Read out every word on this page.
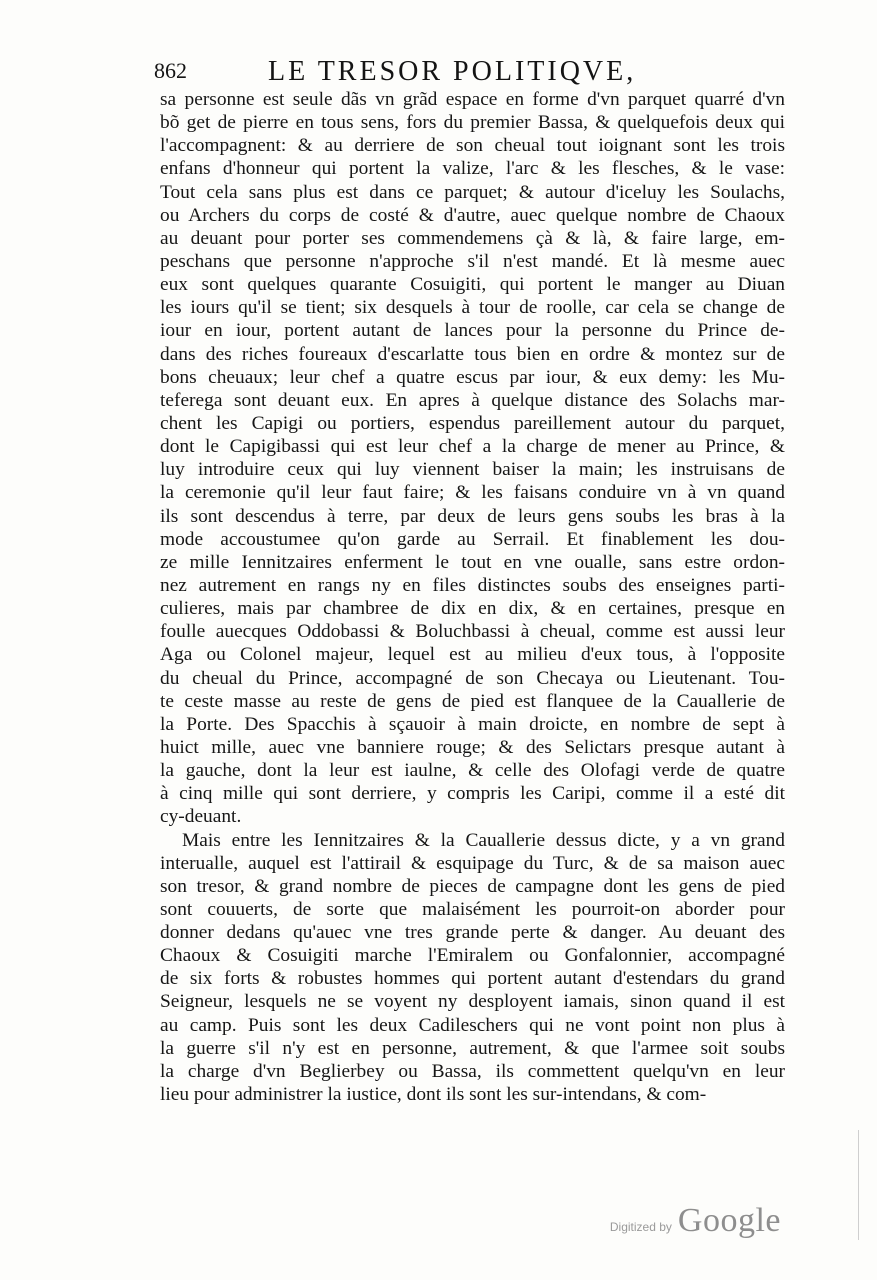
862	LE TRESOR POLITIQVE,
sa personne est seule dãs vn grãd espace en forme d'vn parquet quarré d'vn
bõ get de pierre en tous sens, fors du premier Bassa, & quelquefois deux qui
l'accompagnent: & au derriere de son cheual tout ioignant sont les trois
enfans d'honneur qui portent la valize, l'arc & les flesches, & le vase:
Tout cela sans plus est dans ce parquet; & autour d'iceluy les Soulachs,
ou Archers du corps de costé & d'autre, auec quelque nombre de Chaoux
au deuant pour porter ses commendemens çà & là, & faire large, em-
peschans que personne n'approche s'il n'est mandé. Et là mesme auec
eux sont quelques quarante Cosuigiti, qui portent le manger au Diuan
les iours qu'il se tient; six desquels à tour de roolle, car cela se change de
iour en iour, portent autant de lances pour la personne du Prince de-
dans des riches foureaux d'escarlatte tous bien en ordre & montez sur de
bons cheuaux; leur chef a quatre escus par iour, & eux demy: les Mu-
teferega sont deuant eux. En apres à quelque distance des Solachs mar-
chent les Capigi ou portiers, espendus pareillement autour du parquet,
dont le Capigibassi qui est leur chef a la charge de mener au Prince, &
luy introduire ceux qui luy viennent baiser la main; les instruisans de
la ceremonie qu'il leur faut faire; & les faisans conduire vn à vn quand
ils sont descendus à terre, par deux de leurs gens soubs les bras à la
mode accoustumee qu'on garde au Serrail. Et finablement les dou-
ze mille Iennitzaires enferment le tout en vne oualle, sans estre ordon-
nez autrement en rangs ny en files distinctes soubs des enseignes parti-
culieres, mais par chambree de dix en dix, & en certaines, presque en
foulle auecques Oddobassi & Boluchbassi à cheual, comme est aussi leur
Aga ou Colonel majeur, lequel est au milieu d'eux tous, à l'opposite
du cheual du Prince, accompagné de son Checaya ou Lieutenant. Tou-
te ceste masse au reste de gens de pied est flanquee de la Cauallerie de
la Porte. Des Spacchis à sçauoir à main droicte, en nombre de sept à
huict mille, auec vne banniere rouge; & des Selictars presque autant à
la gauche, dont la leur est iaulne, & celle des Olofagi verde de quatre
à cinq mille qui sont derriere, y compris les Caripi, comme il a esté dit
cy-deuant.
Mais entre les Iennitzaires & la Cauallerie dessus dicte, y a vn grand
interualle, auquel est l'attirail & esquipage du Turc, & de sa maison auec
son tresor, & grand nombre de pieces de campagne dont les gens de pied
sont couuerts, de sorte que malaisément les pourroit-on aborder pour
donner dedans qu'auec vne tres grande perte & danger. Au deuant des
Chaoux & Cosuigiti marche l'Emiralem ou Gonfalonnier, accompagné
de six forts & robustes hommes qui portent autant d'estendars du grand
Seigneur, lesquels ne se voyent ny desployent iamais, sinon quand il est
au camp. Puis sont les deux Cadileschers qui ne vont point non plus à
la guerre s'il n'y est en personne, autrement, & que l'armee soit soubs
la charge d'vn Beglierbey ou Bassa, ils commettent quelqu'vn en leur
lieu pour administrer la iustice, dont ils sont les sur-intendans, & com-
Digitized by Google
